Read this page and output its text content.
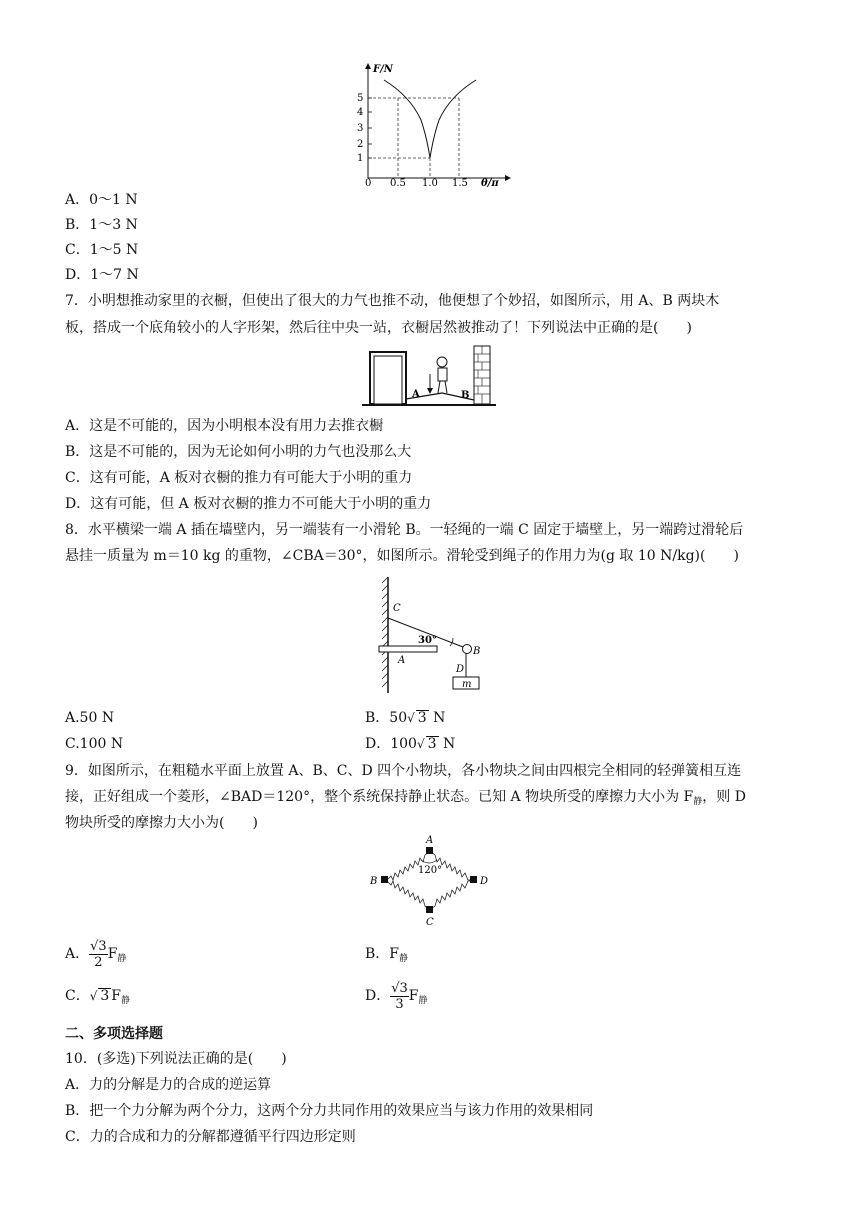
F/N
θ/π
1
2
3
4
5
0 0.5 1.0 1.5
A．0～1 N
B．1～3 N
C．1～5 N
D．1～7 N
7．小明想推动家里的衣橱，但使出了很大的力气也推不动，他便想了个妙招，如图所示，用 A、B 两块木
板，搭成一个底角较小的人字形架，然后往中央一站，衣橱居然被推动了！下列说法中正确的是(　　)
A	B
A．这是不可能的，因为小明根本没有用力去推衣橱
B．这是不可能的，因为无论如何小明的力气也没那么大
C．这有可能，A 板对衣橱的推力有可能大于小明的重力
D．这有可能，但 A 板对衣橱的推力不可能大于小明的重力
8．水平横梁一端 A 插在墙壁内，另一端装有一小滑轮 B。一轻绳的一端 C 固定于墙壁上，另一端跨过滑轮后
悬挂一质量为 m＝10 kg 的重物，∠CBA＝30°，如图所示。滑轮受到绳子的作用力为(g 取 10 N/kg)(　　)
C
A
B
D
m
30°
A.50 N	B．50√ 3 N
C.100 N	D．100√ 3 N
9．如图所示，在粗糙水平面上放置 A、B、C、D 四个小物块，各小物块之间由四根完全相同的轻弹簧相互连
接，正好组成一个菱形，∠BAD＝120°，整个系统保持静止状态。已知 A 物块所受的摩擦力大小为 $F_静$，则 D
物块所受的摩擦力大小为(　　)
A
B	D
C
120°
A． $\frac{√3}{2} F_静$	B．$F_静$
C．√ 3 $F_静$	D． $\frac{√3}{3} F_静$
二、多项选择题
10．(多选)下列说法正确的是(　　)
A．力的分解是力的合成的逆运算
B．把一个力分解为两个分力，这两个分力共同作用的效果应当与该力作用的效果相同
C．力的合成和力的分解都遵循平行四边形定则
